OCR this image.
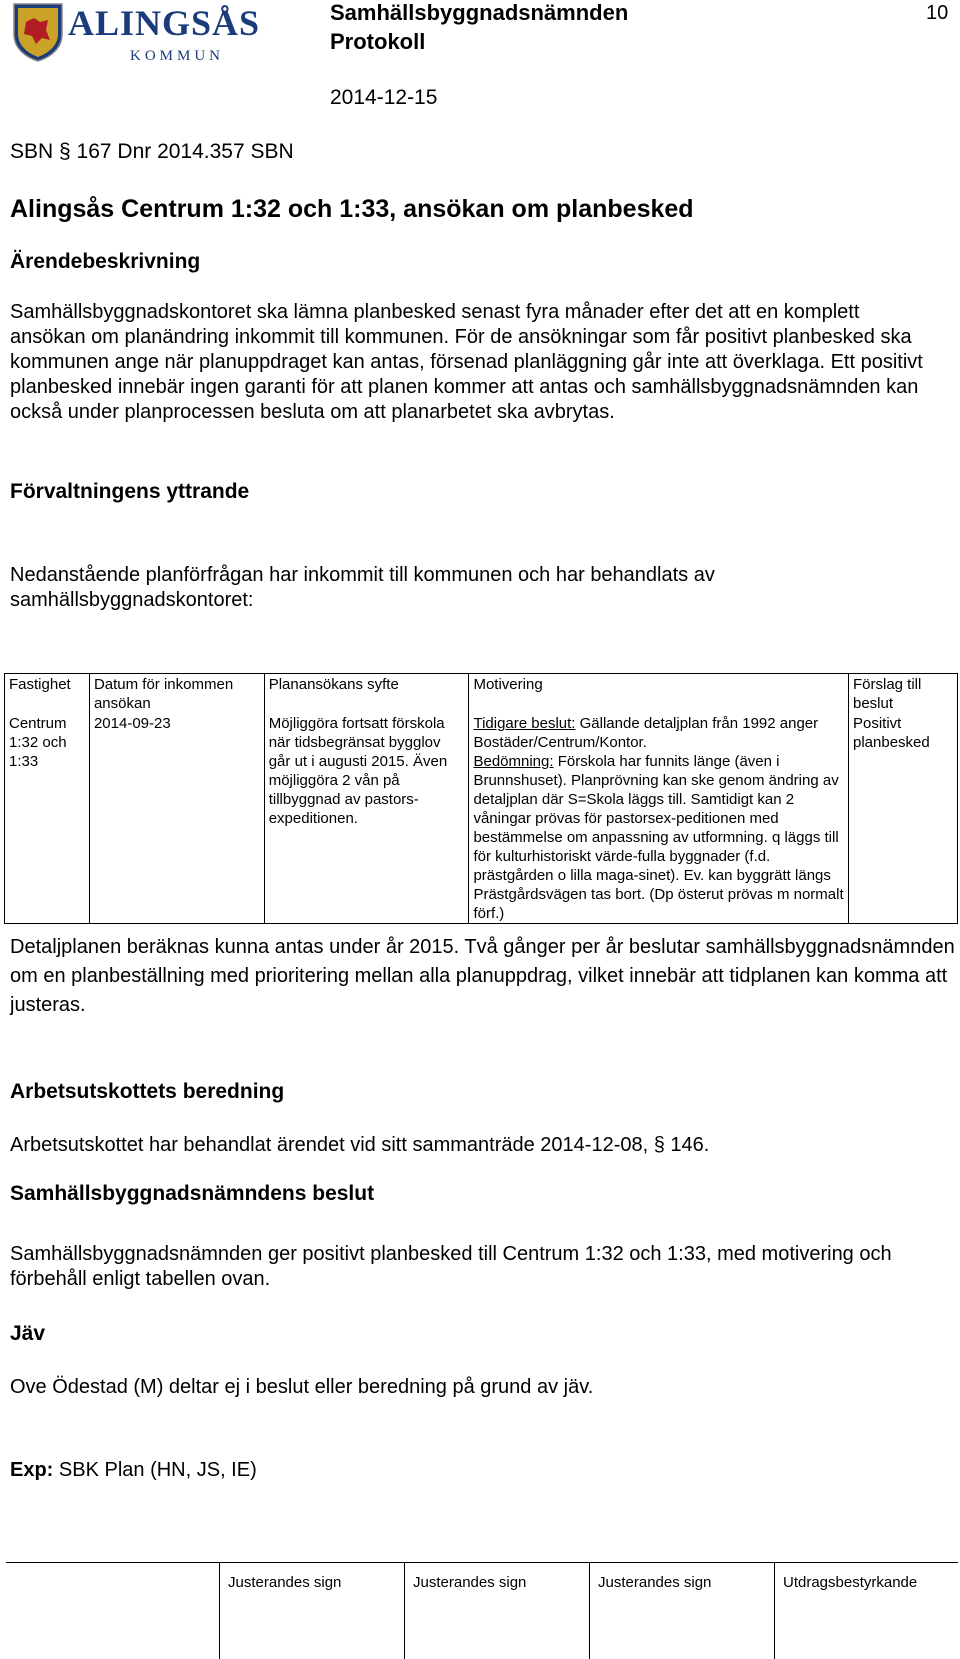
ALINGSÅS
KOMMUN
Samhällsbyggnadsnämnden
Protokoll
2014-12-15
10
SBN § 167 Dnr 2014.357 SBN
Alingsås Centrum 1:32 och 1:33, ansökan om planbesked
Ärendebeskrivning
Samhällsbyggnadskontoret ska lämna planbesked senast fyra månader efter det att en komplett ansökan om planändring inkommit till kommunen. För de ansökningar som får positivt planbesked ska kommunen ange när planuppdraget kan antas, försenad planläggning går inte att överklaga. Ett positivt planbesked innebär ingen garanti för att planen kommer att antas och samhällsbyggnadsnämnden kan också under planprocessen besluta om att planarbetet ska avbrytas.
Förvaltningens yttrande
Nedanstående planförfrågan har inkommit till kommunen och har behandlats av samhällsbyggnadskontoret:
Fastighet	Datum för inkommen ansökan	Planansökans syfte	Motivering	Förslag till beslut
Centrum 1:32 och 1:33	2014-09-23	Möjliggöra fortsatt förskola när tidsbegränsat bygglov går ut i augusti 2015. Även möjliggöra 2 vån på tillbyggnad av pastors-expeditionen.	Tidigare beslut: Gällande detaljplan från 1992 anger Bostäder/Centrum/Kontor.
Bedömning: Förskola har funnits länge (även i Brunnshuset). Planprövning kan ske genom ändring av detaljplan där S=Skola läggs till. Samtidigt kan 2 våningar prövas för pastorsex-peditionen med bestämmelse om anpassning av utformning. q läggs till för kulturhistoriskt värde-fulla byggnader (f.d. prästgården o lilla maga-sinet). Ev. kan byggrätt längs Prästgårdsvägen tas bort. (Dp österut prövas m normalt förf.)	Positivt planbesked
Detaljplanen beräknas kunna antas under år 2015. Två gånger per år beslutar samhällsbyggnadsnämnden om en planbeställning med prioritering mellan alla planuppdrag, vilket innebär att tidplanen kan komma att justeras.
Arbetsutskottets beredning
Arbetsutskottet har behandlat ärendet vid sitt sammanträde 2014-12-08, § 146.
Samhällsbyggnadsnämndens beslut
Samhällsbyggnadsnämnden ger positivt planbesked till Centrum 1:32 och 1:33, med motivering och förbehåll enligt tabellen ovan.
Jäv
Ove Ödestad (M) deltar ej i beslut eller beredning på grund av jäv.
Exp: SBK Plan (HN, JS, IE)
Justerandes sign	Justerandes sign	Justerandes sign	Utdragsbestyrkande
